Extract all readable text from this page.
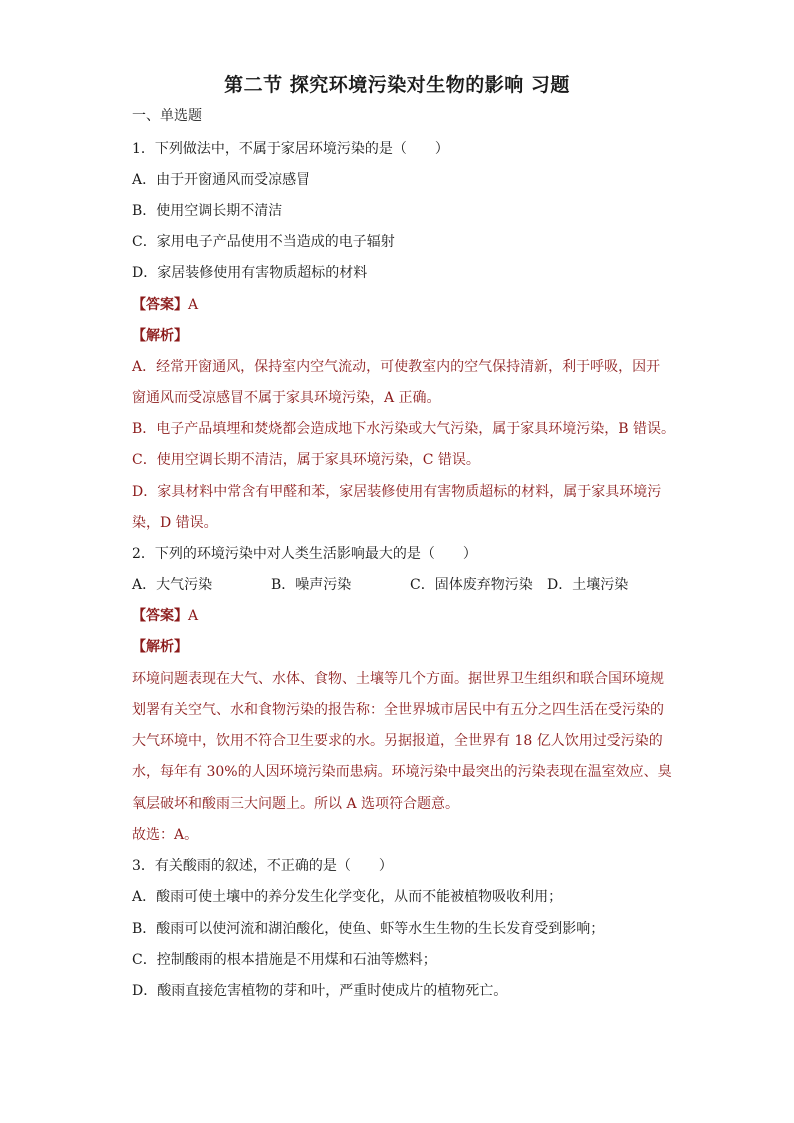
第二节 探究环境污染对生物的影响 习题
一、单选题
1．下列做法中，不属于家居环境污染的是（　　）
A．由于开窗通风而受凉感冒
B．使用空调长期不清洁
C．家用电子产品使用不当造成的电子辐射
D．家居装修使用有害物质超标的材料
【答案】A
【解析】
A．经常开窗通风，保持室内空气流动，可使教室内的空气保持清新，利于呼吸，因开
窗通风而受凉感冒不属于家具环境污染，A 正确。
B．电子产品填埋和焚烧都会造成地下水污染或大气污染，属于家具环境污染，B 错误。
C．使用空调长期不清洁，属于家具环境污染，C 错误。
D．家具材料中常含有甲醛和苯，家居装修使用有害物质超标的材料，属于家具环境污
染，D 错误。
2．下列的环境污染中对人类生活影响最大的是（　　）
A．大气污染	B．噪声污染	C．固体废弃物污染 D．土壤污染
【答案】A
【解析】
环境问题表现在大气、水体、食物、土壤等几个方面。据世界卫生组织和联合国环境规
划署有关空气、水和食物污染的报告称：全世界城市居民中有五分之四生活在受污染的
大气环境中，饮用不符合卫生要求的水。另据报道，全世界有 18 亿人饮用过受污染的
水，每年有 30%的人因环境污染而患病。环境污染中最突出的污染表现在温室效应、臭
氧层破坏和酸雨三大问题上。所以 A 选项符合题意。
故选：A。
3．有关酸雨的叙述，不正确的是（　　）
A．酸雨可使土壤中的养分发生化学变化，从而不能被植物吸收利用；
B．酸雨可以使河流和湖泊酸化，使鱼、虾等水生生物的生长发育受到影响；
C．控制酸雨的根本措施是不用煤和石油等燃料；
D．酸雨直接危害植物的芽和叶，严重时使成片的植物死亡。
